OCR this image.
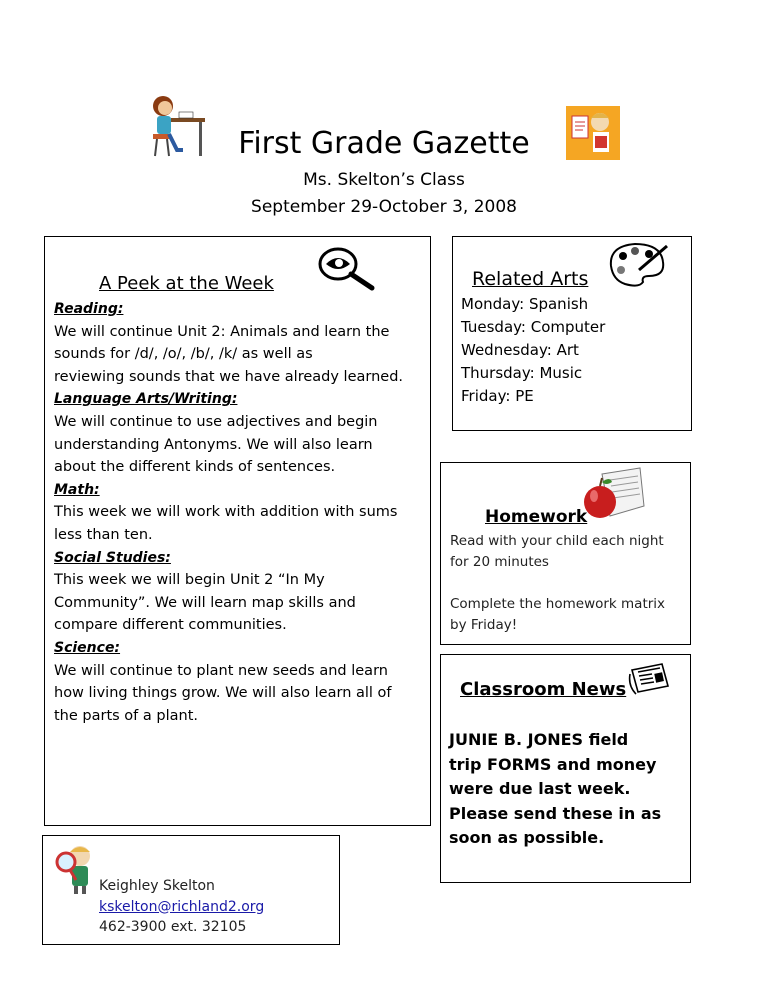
First Grade Gazette
Ms. Skelton’s Class
September 29-October 3, 2008
A Peek at the Week
Reading:
We will continue Unit 2: Animals and learn the
sounds for /d/, /o/, /b/, /k/ as well as
reviewing sounds that we have already learned.
Language Arts/Writing:
We will continue to use adjectives and begin
understanding Antonyms. We will also learn
about the different kinds of sentences.
Math:
This week we will work with addition with sums
less than ten.
Social Studies:
This week we will begin Unit 2 “In My
Community”. We will learn map skills and
compare different communities.
Science:
We will continue to plant new seeds and learn
how living things grow. We will also learn all of
the parts of a plant.
Related Arts
Monday: Spanish
Tuesday: Computer
Wednesday: Art
Thursday: Music
Friday: PE
Homework
Read with your child each night
for 20 minutes
Complete the homework matrix
by Friday!
Classroom News
JUNIE B. JONES field
trip FORMS and money
were due last week.
Please send these in as
soon as possible.
Keighley Skelton
kskelton@richland2.org
462-3900 ext. 32105
